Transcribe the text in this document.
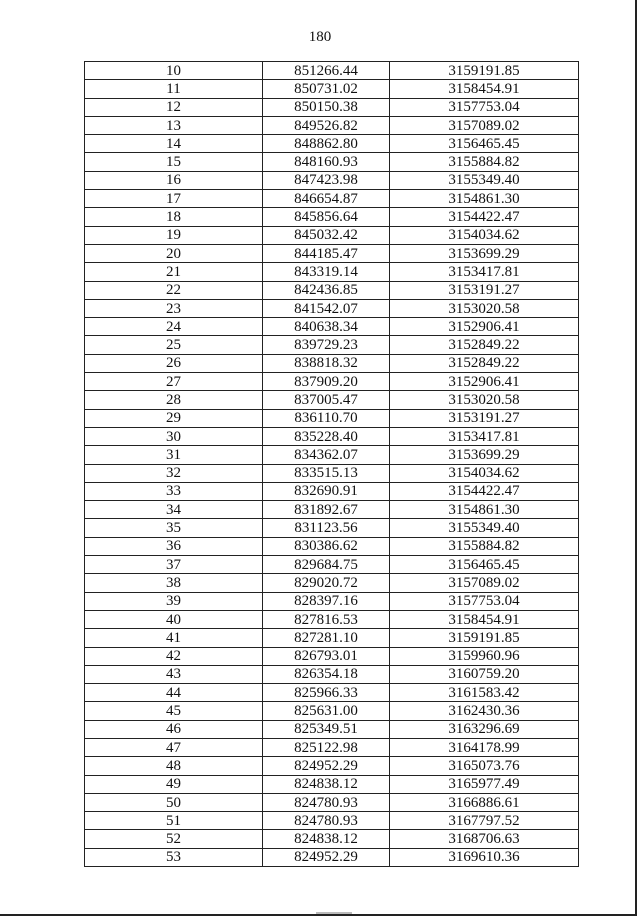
180
10	851266.44	3159191.85
11	850731.02	3158454.91
12	850150.38	3157753.04
13	849526.82	3157089.02
14	848862.80	3156465.45
15	848160.93	3155884.82
16	847423.98	3155349.40
17	846654.87	3154861.30
18	845856.64	3154422.47
19	845032.42	3154034.62
20	844185.47	3153699.29
21	843319.14	3153417.81
22	842436.85	3153191.27
23	841542.07	3153020.58
24	840638.34	3152906.41
25	839729.23	3152849.22
26	838818.32	3152849.22
27	837909.20	3152906.41
28	837005.47	3153020.58
29	836110.70	3153191.27
30	835228.40	3153417.81
31	834362.07	3153699.29
32	833515.13	3154034.62
33	832690.91	3154422.47
34	831892.67	3154861.30
35	831123.56	3155349.40
36	830386.62	3155884.82
37	829684.75	3156465.45
38	829020.72	3157089.02
39	828397.16	3157753.04
40	827816.53	3158454.91
41	827281.10	3159191.85
42	826793.01	3159960.96
43	826354.18	3160759.20
44	825966.33	3161583.42
45	825631.00	3162430.36
46	825349.51	3163296.69
47	825122.98	3164178.99
48	824952.29	3165073.76
49	824838.12	3165977.49
50	824780.93	3166886.61
51	824780.93	3167797.52
52	824838.12	3168706.63
53	824952.29	3169610.36
